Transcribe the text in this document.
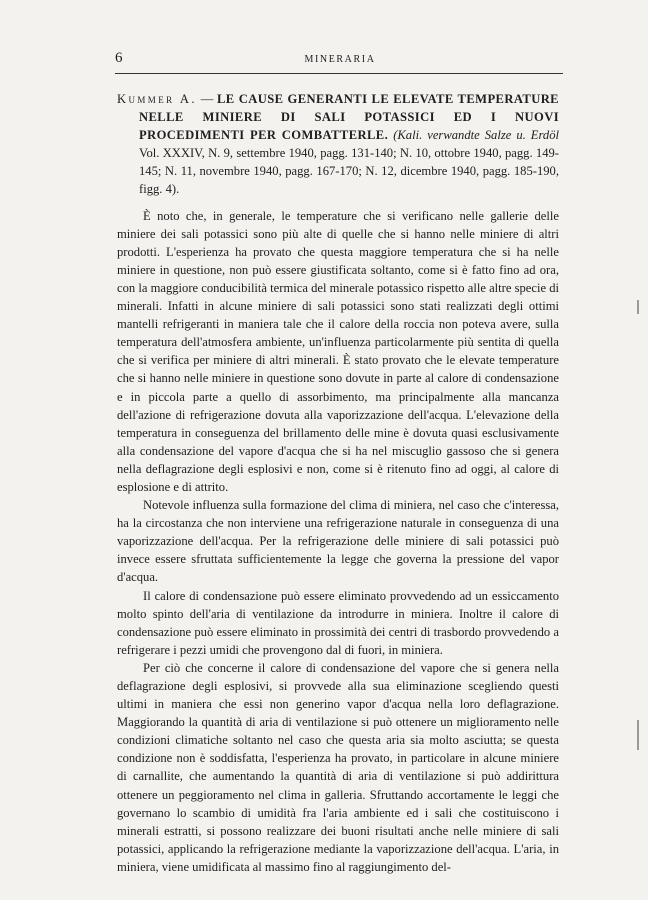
6	MINERARIA

Kummer A. — LE CAUSE GENERANTI LE ELEVATE TEMPERATURE NELLE MINIERE DI SALI POTASSICI ED I NUOVI PROCEDIMENTI PER COMBATTERLE. (Kali. verwandte Salze u. Erdöl Vol. XXXIV, N. 9, settembre 1940, pagg. 131-140; N. 10, ottobre 1940, pagg. 149-145; N. 11, novembre 1940, pagg. 167-170; N. 12, dicembre 1940, pagg. 185-190, figg. 4).

È noto che, in generale, le temperature che si verificano nelle gallerie delle miniere dei sali potassici sono più alte di quelle che si hanno nelle miniere di altri prodotti. L'esperienza ha provato che questa maggiore temperatura che si ha nelle miniere in questione, non può essere giustificata soltanto, come si è fatto fino ad ora, con la maggiore conducibilità termica del minerale potassico rispetto alle altre specie di minerali. Infatti in alcune miniere di sali potassici sono stati realizzati degli ottimi mantelli refrigeranti in maniera tale che il calore della roccia non poteva avere, sulla temperatura dell'atmosfera ambiente, un'influenza particolarmente più sentita di quella che si verifica per miniere di altri minerali. È stato provato che le elevate temperature che si hanno nelle miniere in questione sono dovute in parte al calore di condensazione e in piccola parte a quello di assorbimento, ma principalmente alla mancanza dell'azione di refrigerazione dovuta alla vaporizzazione dell'acqua. L'elevazione della temperatura in conseguenza del brillamento delle mine è dovuta quasi esclusivamente alla condensazione del vapore d'acqua che si ha nel miscuglio gassoso che si genera nella deflagrazione degli esplosivi e non, come si è ritenuto fino ad oggi, al calore di esplosione e di attrito.

Notevole influenza sulla formazione del clima di miniera, nel caso che c'interessa, ha la circostanza che non interviene una refrigerazione naturale in conseguenza di una vaporizzazione dell'acqua. Per la refrigerazione delle miniere di sali potassici può invece essere sfruttata sufficientemente la legge che governa la pressione del vapor d'acqua.

Il calore di condensazione può essere eliminato provvedendo ad un essiccamento molto spinto dell'aria di ventilazione da introdurre in miniera. Inoltre il calore di condensazione può essere eliminato in prossimità dei centri di trasbordo provvedendo a refrigerare i pezzi umidi che provengono dal di fuori, in miniera.

Per ciò che concerne il calore di condensazione del vapore che si genera nella deflagrazione degli esplosivi, si provvede alla sua eliminazione scegliendo questi ultimi in maniera che essi non generino vapor d'acqua nella loro deflagrazione. Maggiorando la quantità di aria di ventilazione si può ottenere un miglioramento nelle condizioni climatiche soltanto nel caso che questa aria sia molto asciutta; se questa condizione non è soddisfatta, l'esperienza ha provato, in particolare in alcune miniere di carnallite, che aumentando la quantità di aria di ventilazione si può addirittura ottenere un peggioramento nel clima in galleria. Sfruttando accortamente le leggi che governano lo scambio di umidità fra l'aria ambiente ed i sali che costituiscono i minerali estratti, si possono realizzare dei buoni risultati anche nelle miniere di sali potassici, applicando la refrigerazione mediante la vaporizzazione dell'acqua. L'aria, in miniera, viene umidificata al massimo fino al raggiungimento del-
